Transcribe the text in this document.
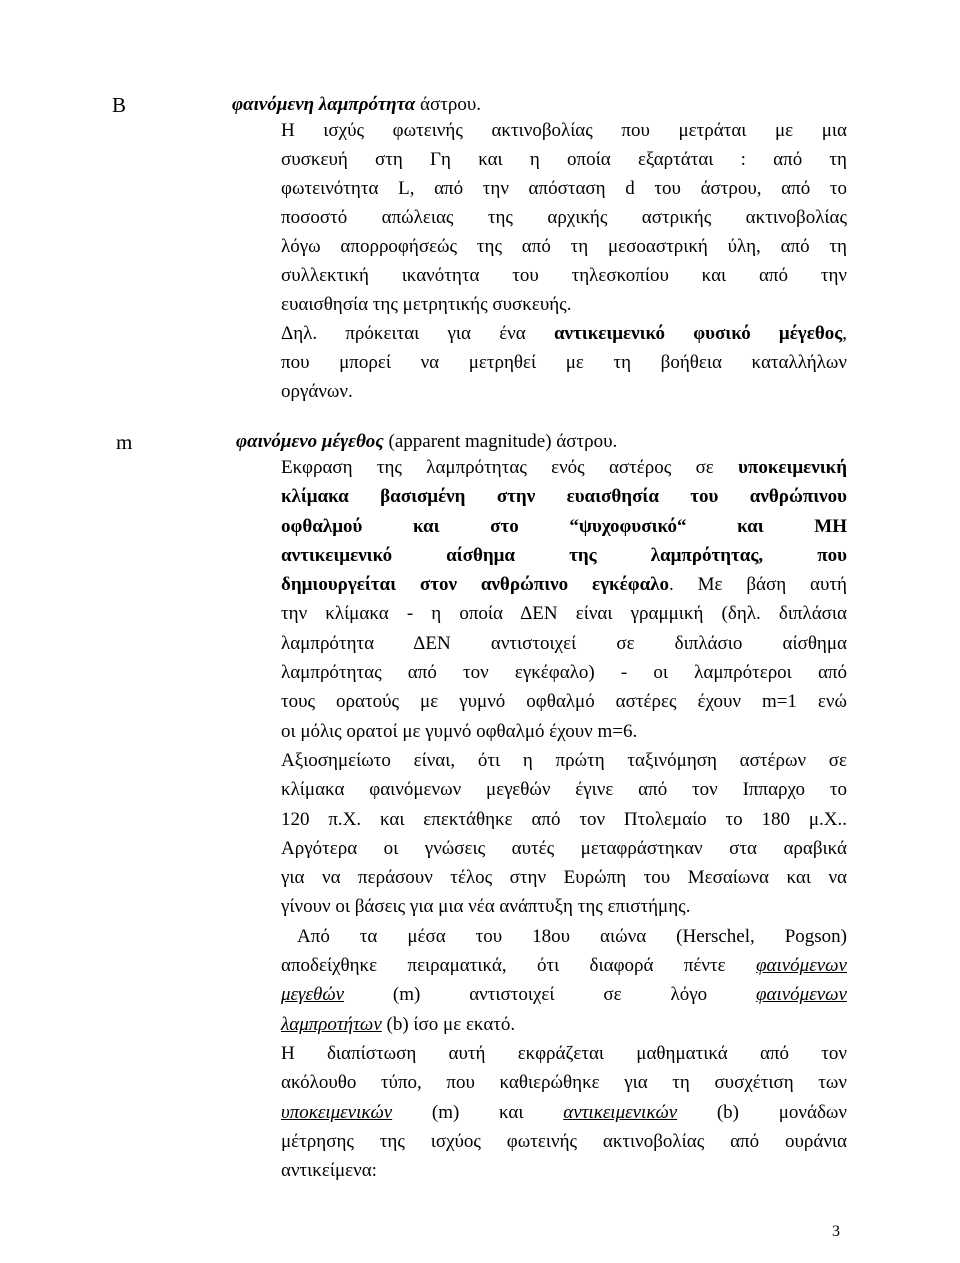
B	φαινόμενη λαμπρότητα άστρου.

Η ισχύς φωτεινής ακτινοβολίας που μετράται με μια

συσκευή στη Γη και η οποία εξαρτάται : από τη

φωτεινότητα L, από την απόσταση d του άστρου, από το

ποσοστό απώλειας της αρχικής αστρικής ακτινοβολίας

λόγω απορροφήσεώς της από τη μεσοαστρική ύλη, από τη

συλλεκτική ικανότητα του τηλεσκοπίου και από την

ευαισθησία της μετρητικής συσκευής.

Δηλ. πρόκειται για ένα αντικειμενικό φυσικό μέγεθος,

που μπορεί να μετρηθεί με τη βοήθεια καταλλήλων

οργάνων.

m	φαινόμενο μέγεθος (apparent magnitude) άστρου.

Εκφραση της λαμπρότητας ενός αστέρος σε υποκειμενική

κλίμακα βασισμένη στην ευαισθησία του ανθρώπινου

οφθαλμού και στο “ψυχοφυσικό“ και ΜΗ

αντικειμενικό αίσθημα της λαμπρότητας, που

δημιουργείται στον ανθρώπινο εγκέφαλο. Με βάση αυτή

την κλίμακα - η οποία ΔΕΝ είναι γραμμική (δηλ. διπλάσια

λαμπρότητα ΔΕΝ αντιστοιχεί σε διπλάσιο αίσθημα

λαμπρότητας από τον εγκέφαλο) - οι λαμπρότεροι από

τους ορατούς με γυμνό οφθαλμό αστέρες έχουν m=1 ενώ

οι μόλις ορατοί με γυμνό οφθαλμό έχουν m=6.

Αξιοσημείωτο είναι, ότι η πρώτη ταξινόμηση αστέρων σε

κλίμακα φαινόμενων μεγεθών έγινε από τον Ιππαρχο το

120 π.Χ. και επεκτάθηκε από τον Πτολεμαίο το 180 μ.Χ..

Αργότερα οι γνώσεις αυτές μεταφράστηκαν στα αραβικά

για να περάσουν τέλος στην Ευρώπη του Μεσαίωνα και να

γίνουν οι βάσεις για μια νέα ανάπτυξη της επιστήμης.

Από τα μέσα του 18ου αιώνα (Herschel, Pogson)

αποδείχθηκε πειραματικά, ότι διαφορά πέντε φαινόμενων

μεγεθών (m) αντιστοιχεί σε λόγο φαινόμενων

λαμπροτήτων (b) ίσο με εκατό.

Η διαπίστωση αυτή εκφράζεται μαθηματικά από τον

ακόλουθο τύπο, που καθιερώθηκε για τη συσχέτιση των

υποκειμενικών (m) και αντικειμενικών (b) μονάδων

μέτρησης της ισχύος φωτεινής ακτινοβολίας από ουράνια

αντικείμενα:

3
